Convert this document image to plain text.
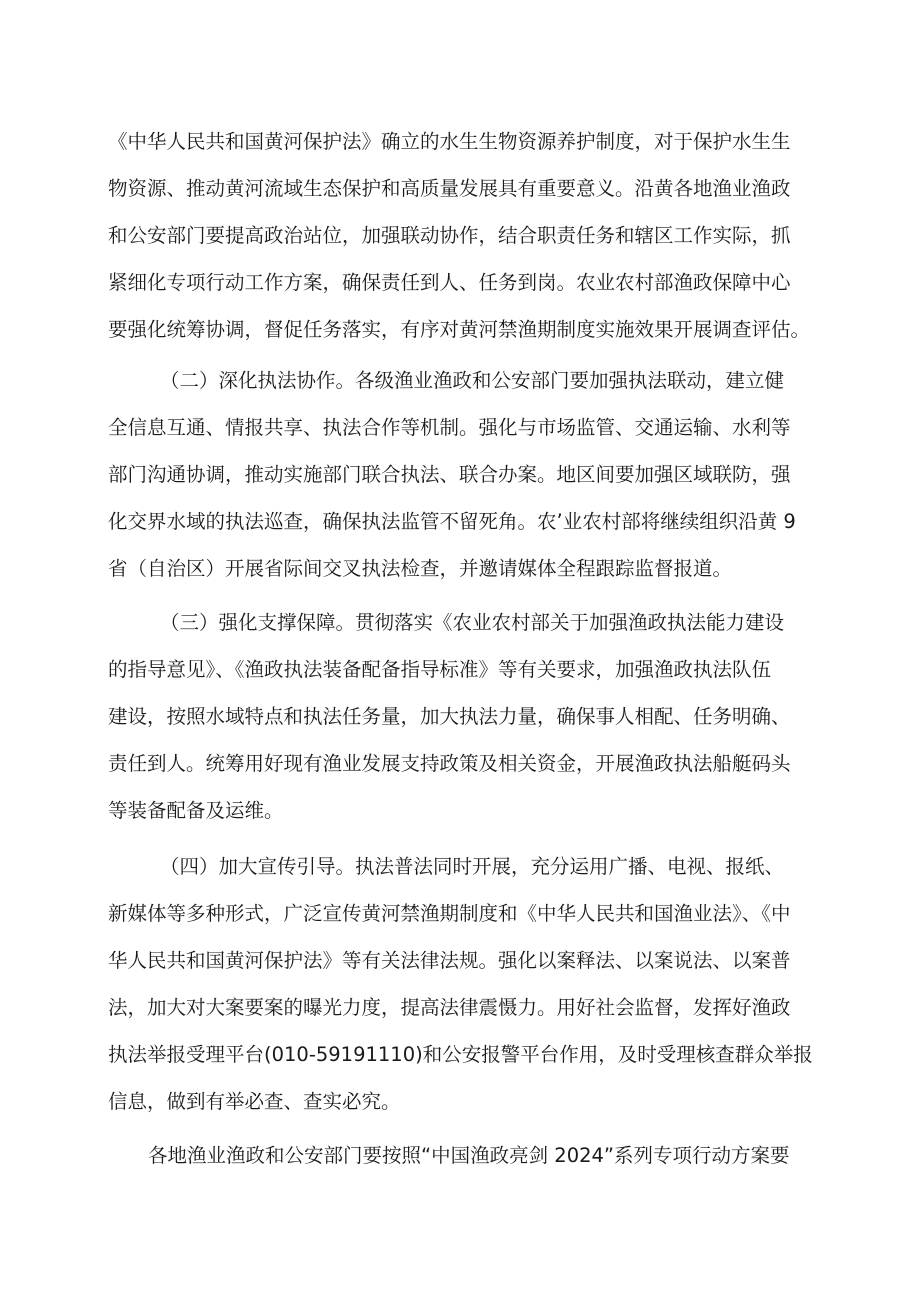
《中华人民共和国黄河保护法》确立的水生生物资源养护制度，对于保护水生生
物资源、推动黄河流域生态保护和高质量发展具有重要意义。沿黄各地渔业渔政
和公安部门要提高政治站位，加强联动协作，结合职责任务和辖区工作实际，抓
紧细化专项行动工作方案，确保责任到人、任务到岗。农业农村部渔政保障中心
要强化统筹协调，督促任务落实，有序对黄河禁渔期制度实施效果开展调查评估。
（二）深化执法协作。各级渔业渔政和公安部门要加强执法联动，建立健
全信息互通、情报共享、执法合作等机制。强化与市场监管、交通运输、水利等
部门沟通协调，推动实施部门联合执法、联合办案。地区间要加强区域联防，强
化交界水域的执法巡查，确保执法监管不留死角。农’业农村部将继续组织沿黄 9
省（自治区）开展省际间交叉执法检查，并邀请媒体全程跟踪监督报道。
（三）强化支撑保障。贯彻落实《农业农村部关于加强渔政执法能力建设
的指导意见》、《渔政执法装备配备指导标准》等有关要求，加强渔政执法队伍
建设，按照水域特点和执法任务量，加大执法力量，确保事人相配、任务明确、
责任到人。统筹用好现有渔业发展支持政策及相关资金，开展渔政执法船艇码头
等装备配备及运维。
（四）加大宣传引导。执法普法同时开展，充分运用广播、电视、报纸、
新媒体等多种形式，广泛宣传黄河禁渔期制度和《中华人民共和国渔业法》、《中
华人民共和国黄河保护法》等有关法律法规。强化以案释法、以案说法、以案普
法，加大对大案要案的曝光力度，提高法律震慑力。用好社会监督，发挥好渔政
执法举报受理平台(010-59191110)和公安报警平台作用，及时受理核查群众举报
信息，做到有举必查、查实必究。
各地渔业渔政和公安部门要按照“中国渔政亮剑 2024”系列专项行动方案要
